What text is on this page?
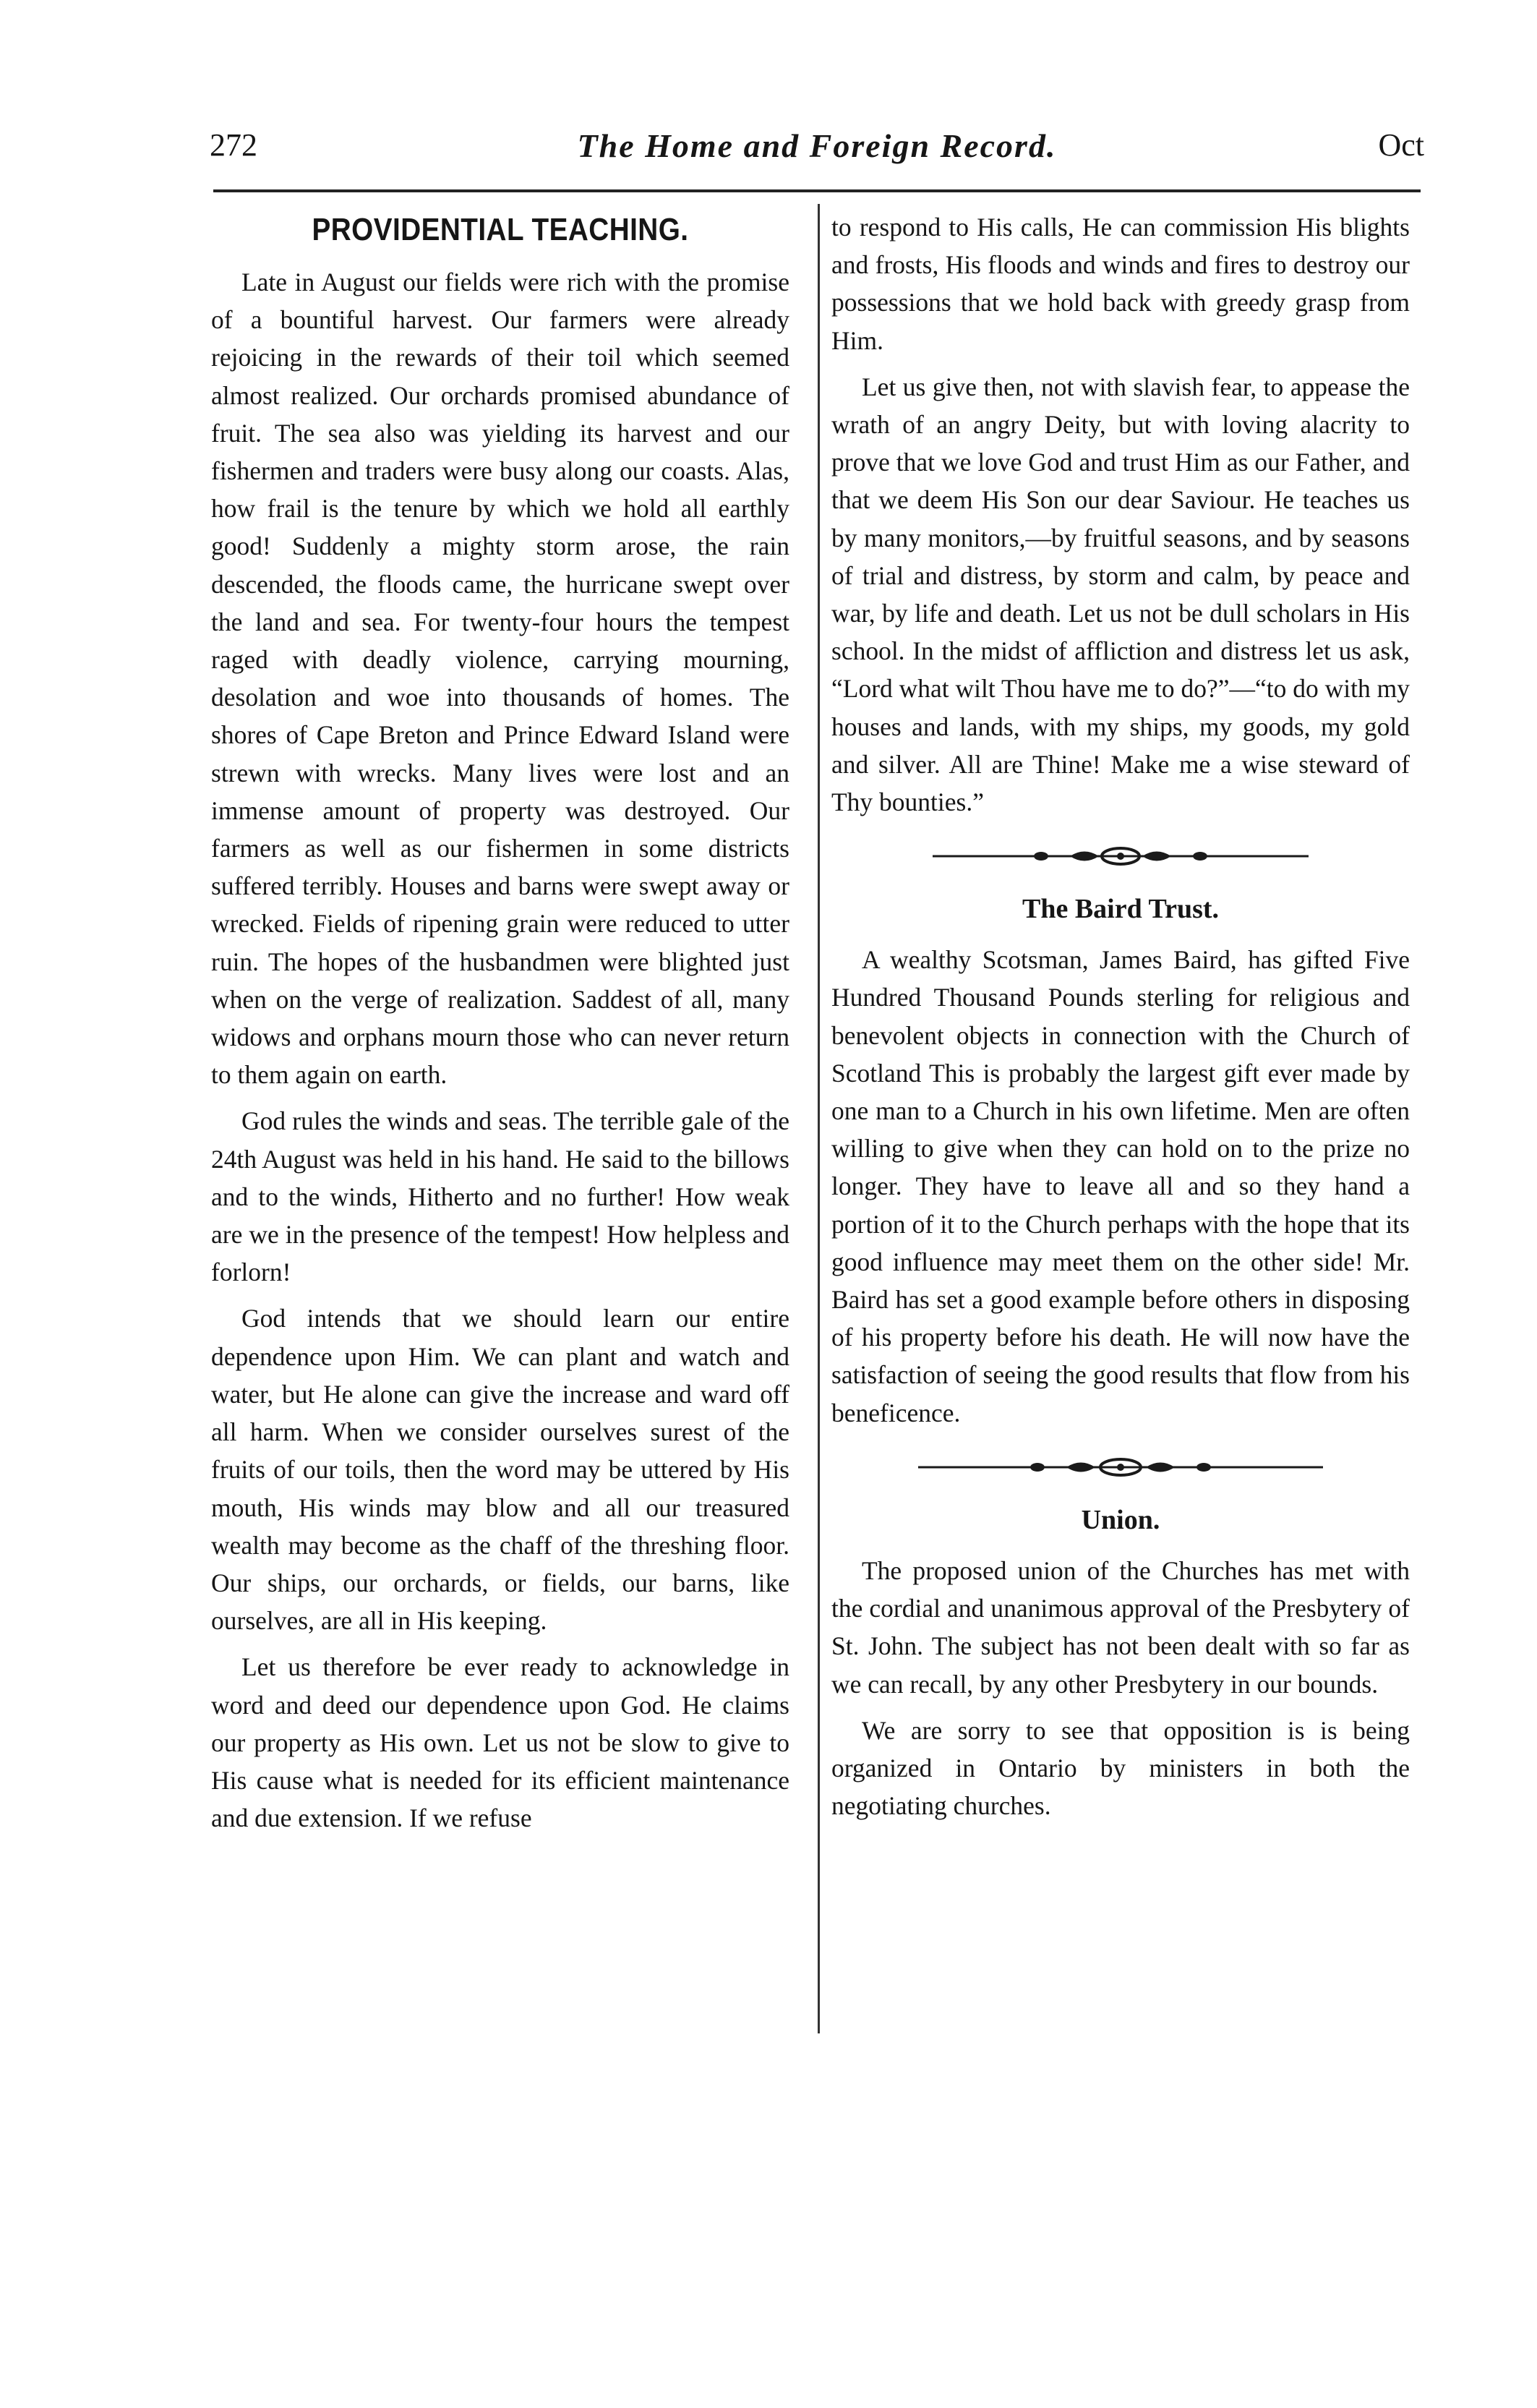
272	The Home and Foreign Record.	Oct
PROVIDENTIAL TEACHING.

Late in August our fields were rich with the promise of a bountiful harvest. Our farmers were already rejoicing in the rewards of their toil which seemed almost realized. Our orchards promised abundance of fruit. The sea also was yielding its harvest and our fishermen and traders were busy along our coasts. Alas, how frail is the tenure by which we hold all earthly good! Suddenly a mighty storm arose, the rain descended, the floods came, the hurricane swept over the land and sea. For twenty-four hours the tempest raged with deadly violence, carrying mourning, desolation and woe into thousands of homes. The shores of Cape Breton and Prince Edward Island were strewn with wrecks. Many lives were lost and an immense amount of property was destroyed. Our farmers as well as our fishermen in some districts suffered terribly. Houses and barns were swept away or wrecked. Fields of ripening grain were reduced to utter ruin. The hopes of the husbandmen were blighted just when on the verge of realization. Saddest of all, many widows and orphans mourn those who can never return to them again on earth.

God rules the winds and seas. The terrible gale of the 24th August was held in his hand. He said to the billows and to the winds, Hitherto and no further! How weak are we in the presence of the tempest! How helpless and forlorn!

God intends that we should learn our entire dependence upon Him. We can plant and watch and water, but He alone can give the increase and ward off all harm. When we consider ourselves surest of the fruits of our toils, then the word may be uttered by His mouth, His winds may blow and all our treasured wealth may become as the chaff of the threshing floor. Our ships, our orchards, or fields, our barns, like ourselves, are all in His keeping.

Let us therefore be ever ready to acknowledge in word and deed our dependence upon God. He claims our property as His own. Let us not be slow to give to His cause what is needed for its efficient maintenance and due extension. If we refuse

to respond to His calls, He can commission His blights and frosts, His floods and winds and fires to destroy our possessions that we hold back with greedy grasp from Him.

Let us give then, not with slavish fear, to appease the wrath of an angry Deity, but with loving alacrity to prove that we love God and trust Him as our Father, and that we deem His Son our dear Saviour. He teaches us by many monitors,—by fruitful seasons, and by seasons of trial and distress, by storm and calm, by peace and war, by life and death. Let us not be dull scholars in His school. In the midst of affliction and distress let us ask, “Lord what wilt Thou have me to do?”—“to do with my houses and lands, with my ships, my goods, my gold and silver. All are Thine! Make me a wise steward of Thy bounties.”

The Baird Trust.

A wealthy Scotsman, James Baird, has gifted Five Hundred Thousand Pounds sterling for religious and benevolent objects in connection with the Church of Scotland This is probably the largest gift ever made by one man to a Church in his own lifetime. Men are often willing to give when they can hold on to the prize no longer. They have to leave all and so they hand a portion of it to the Church perhaps with the hope that its good influence may meet them on the other side! Mr. Baird has set a good example before others in disposing of his property before his death. He will now have the satisfaction of seeing the good results that flow from his beneficence.

Union.

The proposed union of the Churches has met with the cordial and unanimous approval of the Presbytery of St. John. The subject has not been dealt with so far as we can recall, by any other Presbytery in our bounds.

We are sorry to see that opposition is is being organized in Ontario by ministers in both the negotiating churches.
